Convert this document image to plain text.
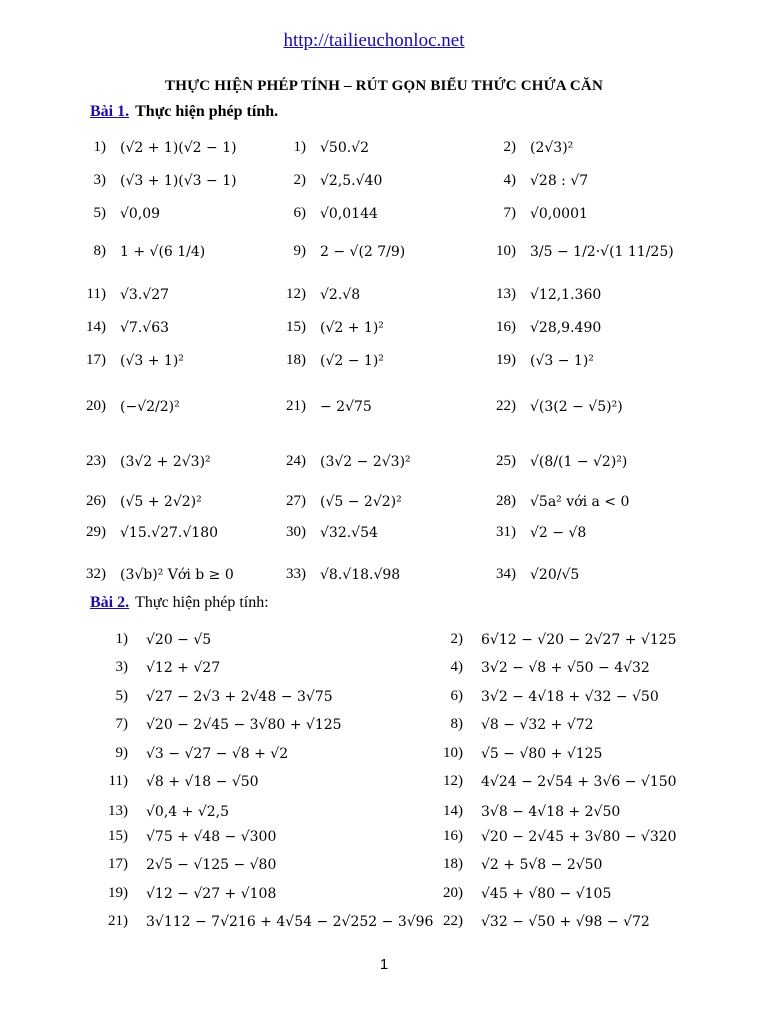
http://tailieuchonloc.net
THỰC HIỆN PHÉP TÍNH – RÚT GỌN BIỂU THỨC CHỨA CĂN
Bài 1. Thực hiện phép tính.
1) (√2 + 1)(√2 − 1)	1) √50.√2	2) (2√3)²
3) (√3 + 1)(√3 − 1)	2) √2,5.√40	4) √28 : √7
5) √0,09	6) √0,0144	7) √0,0001
8) 1 + √(6 1/4)	9) 2 − √(2 7/9)	10) 3/5 − 1/2·√(1 11/25)
11) √3.√27	12) √2.√8	13) √12,1.360
14) √7.√63	15) (√2 + 1)²	16) √28,9.490
17) (√3 + 1)²	18) (√2 − 1)²	19) (√3 − 1)²
20) (−√2/2)²	21) − 2√75	22) √(3(2 − √5)²)
23) (3√2 + 2√3)²	24) (3√2 − 2√3)²	25) √(8/(1 − √2)²)
26) (√5 + 2√2)²	27) (√5 − 2√2)²	28) √5a² với a < 0
29) √15.√27.√180	30) √32.√54	31) √2 − √8
32) (3√b)² Với b ≥ 0	33) √8.√18.√98	34) √20/√5
Bài 2. Thực hiện phép tính:
1) √20 − √5	2) 6√12 − √20 − 2√27 + √125
3) √12 + √27	4) 3√2 − √8 + √50 − 4√32
5) √27 − 2√3 + 2√48 − 3√75	6) 3√2 − 4√18 + √32 − √50
7) √20 − 2√45 − 3√80 + √125	8) √8 − √32 + √72
9) √3 − √27 − √8 + √2	10) √5 − √80 + √125
11) √8 + √18 − √50	12) 4√24 − 2√54 + 3√6 − √150
13) √0,4 + √2,5	14) 3√8 − 4√18 + 2√50
15) √75 + √48 − √300	16) √20 − 2√45 + 3√80 − √320
17) 2√5 − √125 − √80	18) √2 + 5√8 − 2√50
19) √12 − √27 + √108	20) √45 + √80 − √105
21) 3√112 − 7√216 + 4√54 − 2√252 − 3√96 22) √32 − √50 + √98 − √72
1
